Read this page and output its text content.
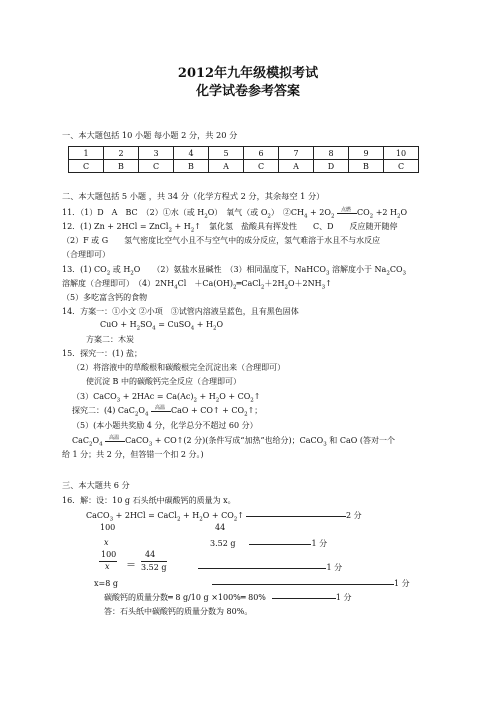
2012年九年级模拟考试
化学试卷参考答案
一、本大题包括 10 小题 每小题 2 分，共 20 分
1	2	3	4	5	6	7	8	9	10
C	B	C	B	A	C	A	D	B	C
二、本大题包括 5 小题 ，共 34 分（化学方程式 2 分，其余每空 1 分）
11．（1）D　A　BC　（2）①水（或 $H_2O$）　氧气（或 $O_2$）　$②CH_4 + 2O_2$
点燃 $CO_2 +2$ $H_2O$
12．(1) Zn + 2HCl = ZnCl$_2$ + $H_2↑$　氯化氢　盐酸具有挥发性　　C、D　　反应随开随停
（2）F 或 G　　氢气密度比空气小且不与空气中的成分反应，氢气难溶于水且不与水反应
（合理即可）
13．(1) $CO_2$ 或 $H_2O$　　（2）氨盐水显碱性　（3）相同温度下，NaHCO$_3$ 溶解度小于 $Na_2CO_3$
溶解度（合理即可）　$(4)2NH_4Cl$　$+Ca(OH)_2═CaCl_2+2H_2O+2NH_3↑$
（5）多吃富含钙的食物
14．方案一：①小文 ②小项　③试管内溶液呈蓝色，且有黑色固体
CuO + $H_2SO_4$ = CuSO$_4$ + $H_2O$
方案二：木炭
15．探究一：(1) 盐；
（2）将溶液中的草酸根和碳酸根完全沉淀出来（合理即可）
使沉淀 B 中的碳酸钙完全反应（合理即可）
（3）CaCO$_3$ + $2HAc = Ca(Ac)_2 + H_2O$ + $CO_2↑$
探究二：(4) $CaC_2O_4$
高温 CaO + CO↑ + $CO_2↑$；
（5）(本小题共奖励 4 分，化学总分不超过 60 分）
$CaC_2O_4$
高温 CaCO$_3$ + CO↑(2 分)(条件写成“加热”也给分)；CaCO$_3$ 和 CaO (答对一个
给 1 分；共 2 分，但答错一个扣 2 分。)
三、本大题共 6 分
16．解：设：10 g 石头纸中碳酸钙的质量为 x。
CaCO$_3$ + 2HCl = CaCl$_2$ + $H_2O$ + $CO_2↑$	2 分
100	44
x	3.52 g	1 分
100
x ＝
44
3.52 g	1 分
x=8 g	1 分
碳酸钙的质量分数═ 8 g/10 g ×100%═ 80%	1 分
答：石头纸中碳酸钙的质量分数为 80%。
